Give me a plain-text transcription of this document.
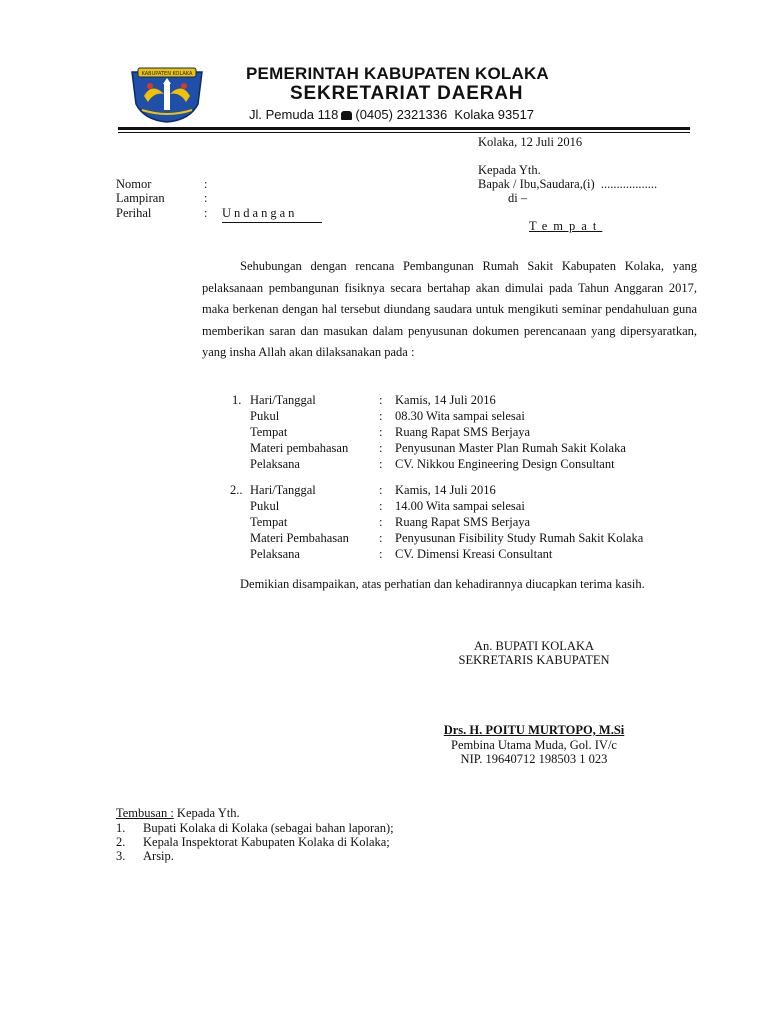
KABUPATEN KOLAKA	PEMERINTAH KABUPATEN KOLAKA
SEKRETARIAT DAERAH
Jl. Pemuda 118 (0405) 2321336 Kolaka 93517
Kolaka, 12 Juli 2016
Kepada Yth.
Bapak / Ibu,Saudara,(i) ..................
di –
Tempat
Nomor	:
Lampiran	:
Perihal	: Undangan
Sehubungan dengan rencana Pembangunan Rumah Sakit Kabupaten Kolaka, yang pelaksanaan pembangunan fisiknya secara bertahap akan dimulai pada Tahun Anggaran 2017, maka berkenan dengan hal tersebut diundang saudara untuk mengikuti seminar pendahuluan guna memberikan saran dan masukan dalam penyusunan dokumen perencanaan yang dipersyaratkan, yang insha Allah akan dilaksanakan pada :
1. Hari/Tanggal	: Kamis, 14 Juli 2016
Pukul	: 08.30 Wita sampai selesai
Tempat	: Ruang Rapat SMS Berjaya
Materi pembahasan : Penyusunan Master Plan Rumah Sakit Kolaka
Pelaksana	: CV. Nikkou Engineering Design Consultant
2.. Hari/Tanggal	: Kamis, 14 Juli 2016
Pukul	: 14.00 Wita sampai selesai
Tempat	: Ruang Rapat SMS Berjaya
Materi Pembahasan : Penyusunan Fisibility Study Rumah Sakit Kolaka
Pelaksana	: CV. Dimensi Kreasi Consultant
Demikian disampaikan, atas perhatian dan kehadirannya diucapkan terima kasih.
An. BUPATI KOLAKA
SEKRETARIS KABUPATEN
Drs. H. POITU MURTOPO, M.Si
Pembina Utama Muda, Gol. IV/c
NIP. 19640712 198503 1 023
Tembusan : Kepada Yth.
1. Bupati Kolaka di Kolaka (sebagai bahan laporan);
2. Kepala Inspektorat Kabupaten Kolaka di Kolaka;
3. Arsip.
